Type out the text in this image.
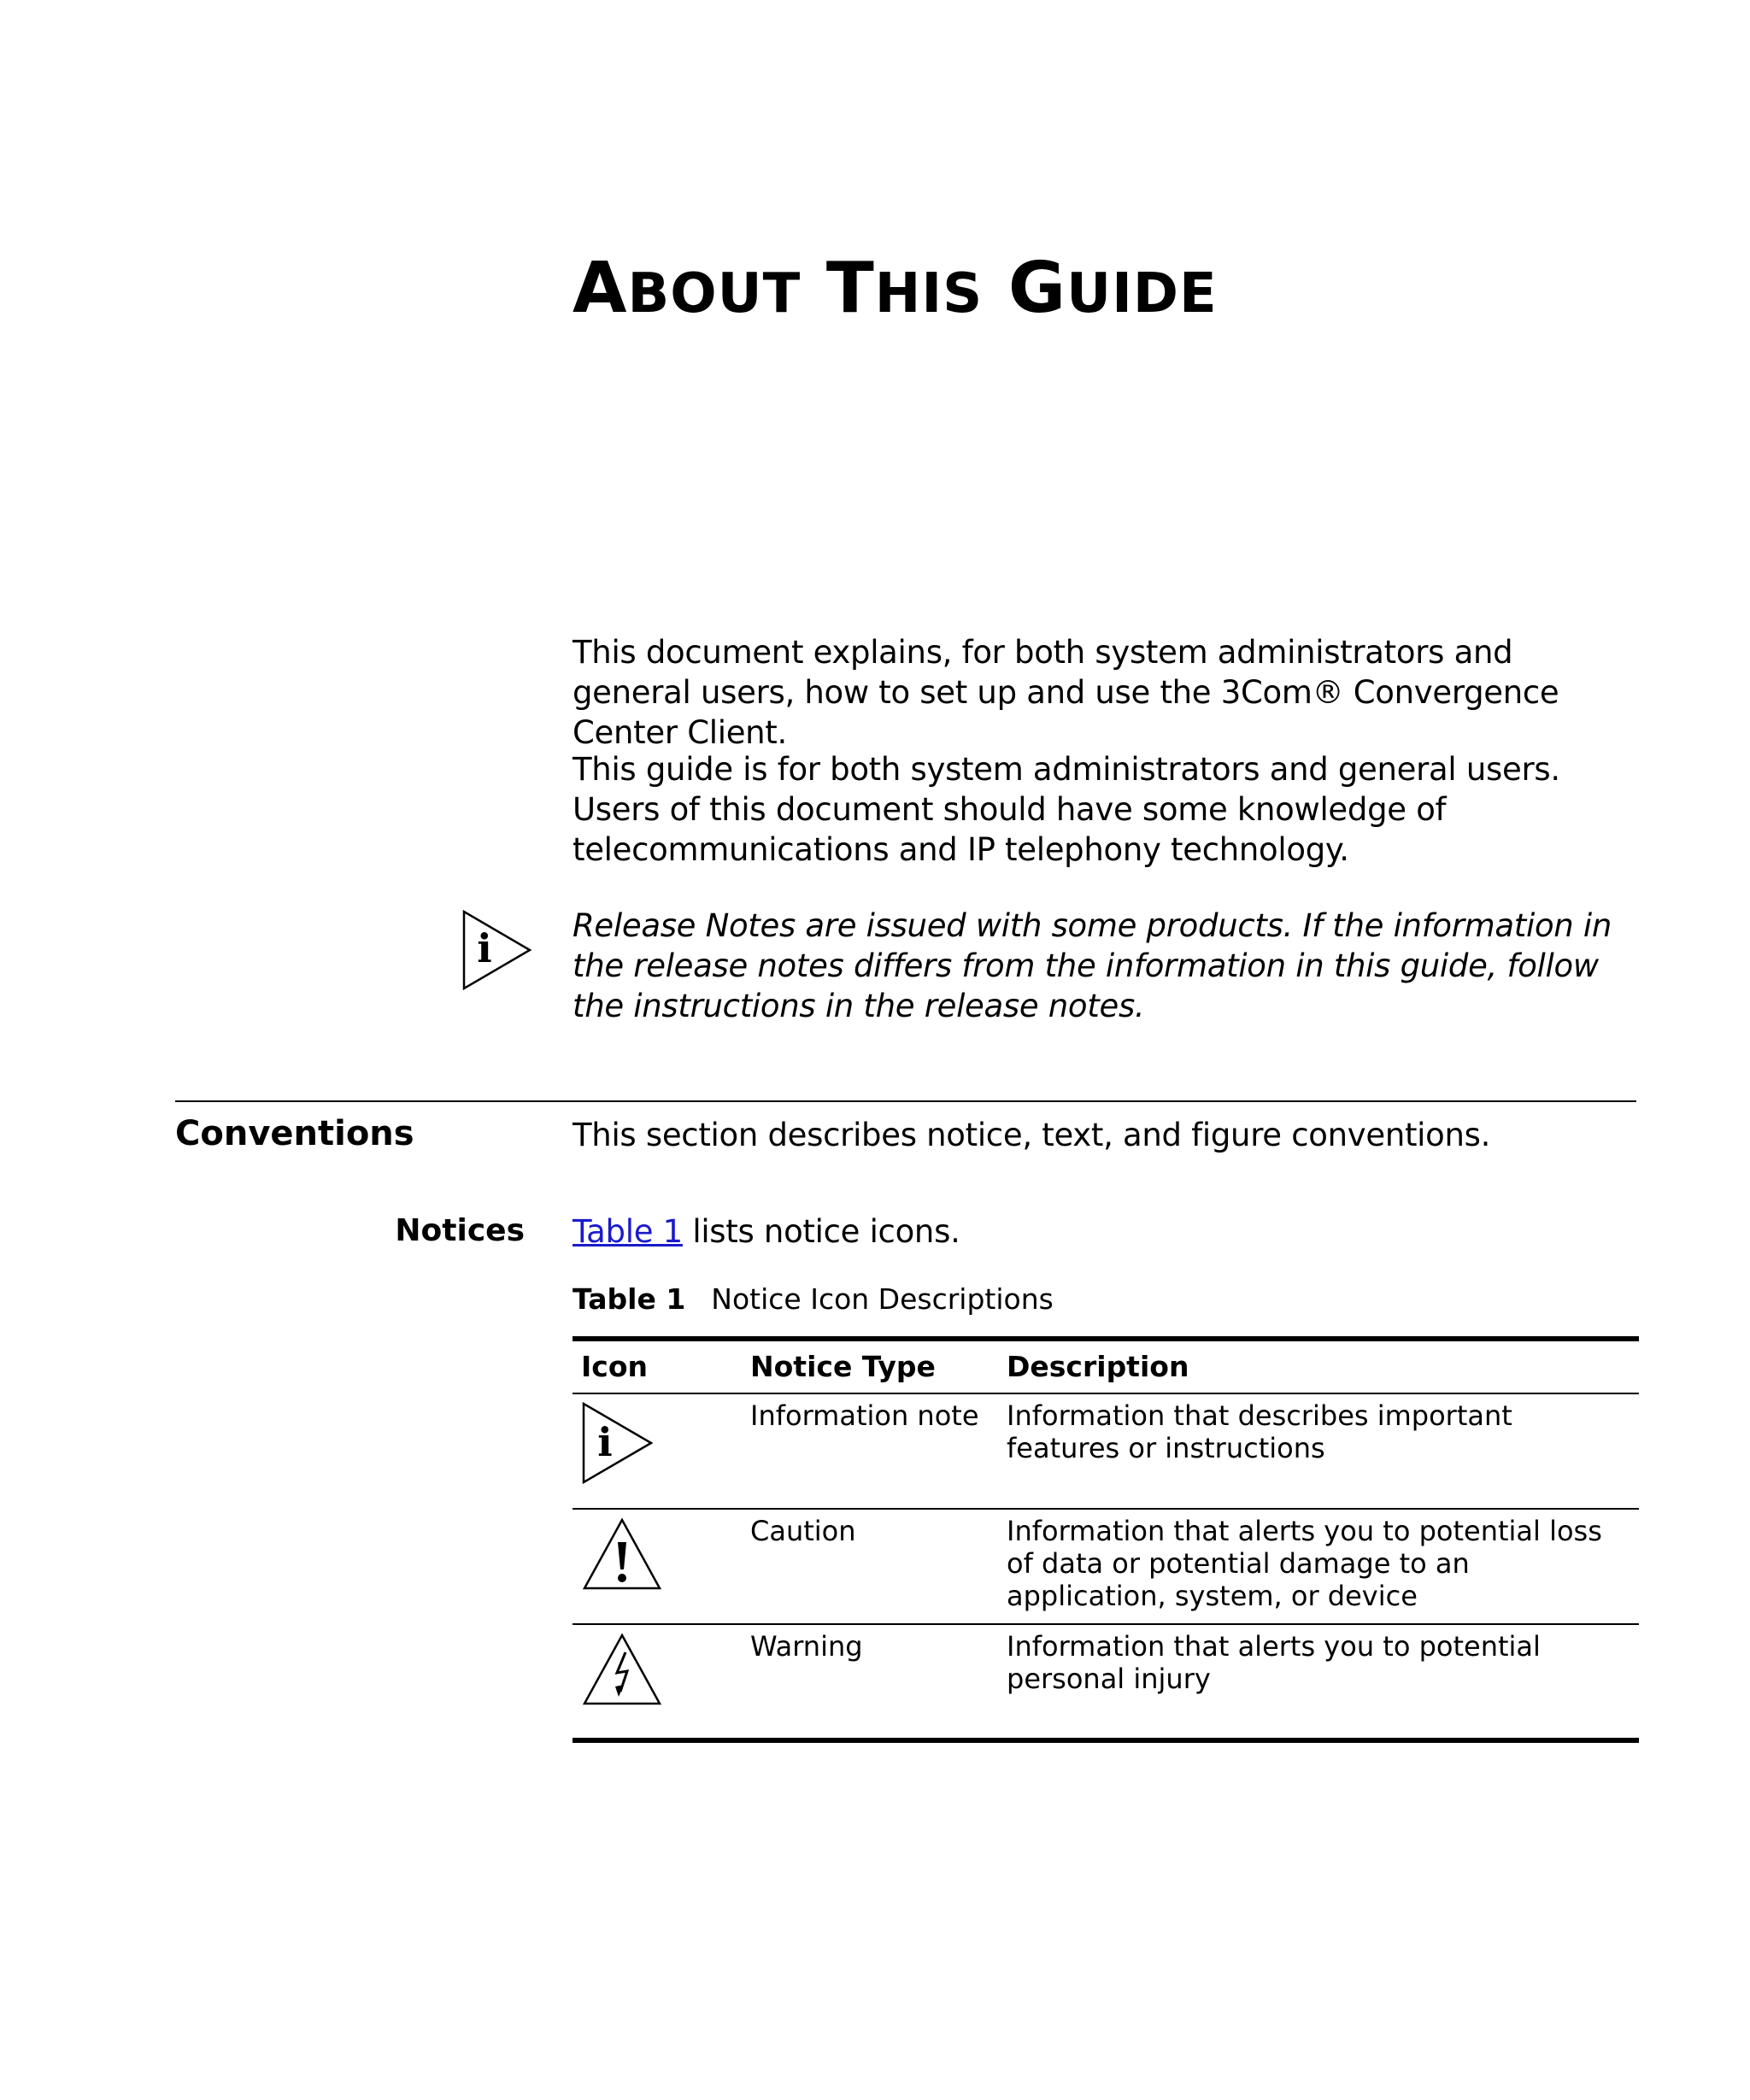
ABOUT THIS GUIDE

This document explains, for both system administrators and general users, how to set up and use the 3Com® Convergence Center Client.

This guide is for both system administrators and general users. Users of this document should have some knowledge of telecommunications and IP telephony technology.

i	Release Notes are issued with some products. If the information in the release notes differs from the information in this guide, follow the instructions in the release notes.

Conventions	This section describes notice, text, and figure conventions.

Notices Table 1 lists notice icons.

Table 1 Notice Icon Descriptions

Icon	Notice Type	Description

i	Information note	Information that describes important features or instructions

	Caution	Information that alerts you to potential loss of data or potential damage to an application, system, or device

	Warning	Information that alerts you to potential personal injury
